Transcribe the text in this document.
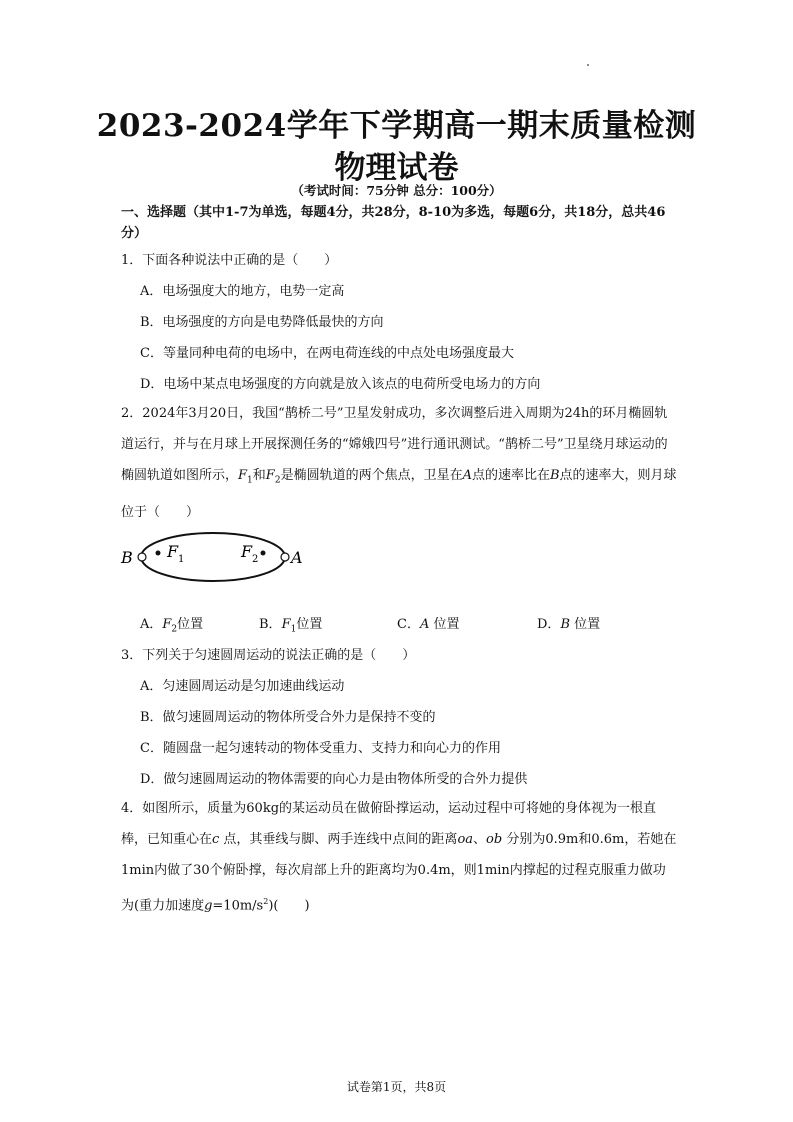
2023-2024学年下学期高一期末质量检测
物理试卷
（考试时间：75分钟 总分：100分）
一、选择题（其中1-7为单选，每题4分，共28分，8-10为多选，每题6分，共18分，总共46分）
1．下面各种说法中正确的是（　　）
A．电场强度大的地方，电势一定高
B．电场强度的方向是电势降低最快的方向
C．等量同种电荷的电场中，在两电荷连线的中点处电场强度最大
D．电场中某点电场强度的方向就是放入该点的电荷所受电场力的方向
2．2024年3月20日，我国“鹊桥二号”卫星发射成功，多次调整后进入周期为24h的环月椭圆轨道运行，并与在月球上开展探测任务的“嫦娥四号”进行通讯测试。“鹊桥二号”卫星绕月球运动的椭圆轨道如图所示，$F_1$和$F_2$是椭圆轨道的两个焦点，卫星在A点的速率比在B点的速率大，则月球位于（　　）
B F 1	F 2 A
A．$F_2$位置	B．$F_1$位置	C．A 位置	D．B 位置
3．下列关于匀速圆周运动的说法正确的是（　　）
A．匀速圆周运动是匀加速曲线运动
B．做匀速圆周运动的物体所受合外力是保持不变的
C．随圆盘一起匀速转动的物体受重力、支持力和向心力的作用
D．做匀速圆周运动的物体需要的向心力是由物体所受的合外力提供
4．如图所示，质量为60kg的某运动员在做俯卧撑运动，运动过程中可将她的身体视为一根直棒，已知重心在c 点，其垂线与脚、两手连线中点间的距离oa、ob 分别为0.9m和0.6m，若她在1min内做了30个俯卧撑，每次肩部上升的距离均为0.4m，则1min内撑起的过程克服重力做功为(重力加速度$g=10m/s^2$)(　　)
试卷第1页，共8页
